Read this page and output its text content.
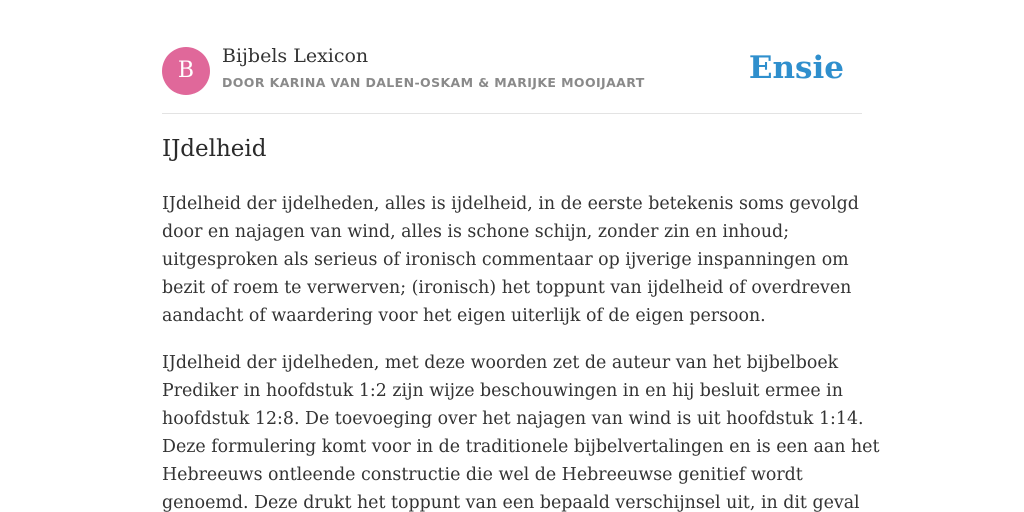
B
Bijbels Lexicon
DOOR KARINA VAN DALEN-OSKAM & MARIJKE MOOIJAART	Ensie
IJdelheid

IJdelheid der ijdelheden, alles is ijdelheid, in de eerste betekenis soms gevolgd
door en najagen van wind, alles is schone schijn, zonder zin en inhoud;
uitgesproken als serieus of ironisch commentaar op ijverige inspanningen om
bezit of roem te verwerven; (ironisch) het toppunt van ijdelheid of overdreven
aandacht of waardering voor het eigen uiterlijk of de eigen persoon.

IJdelheid der ijdelheden, met deze woorden zet de auteur van het bijbelboek
Prediker in hoofdstuk 1:2 zijn wijze beschouwingen in en hij besluit ermee in
hoofdstuk 12:8. De toevoeging over het najagen van wind is uit hoofdstuk 1:14.
Deze formulering komt voor in de traditionele bijbelvertalingen en is een aan het
Hebreeuws ontleende constructie die wel de Hebreeuwse genitief wordt
genoemd. Deze drukt het toppunt van een bepaald verschijnsel uit, in dit geval
